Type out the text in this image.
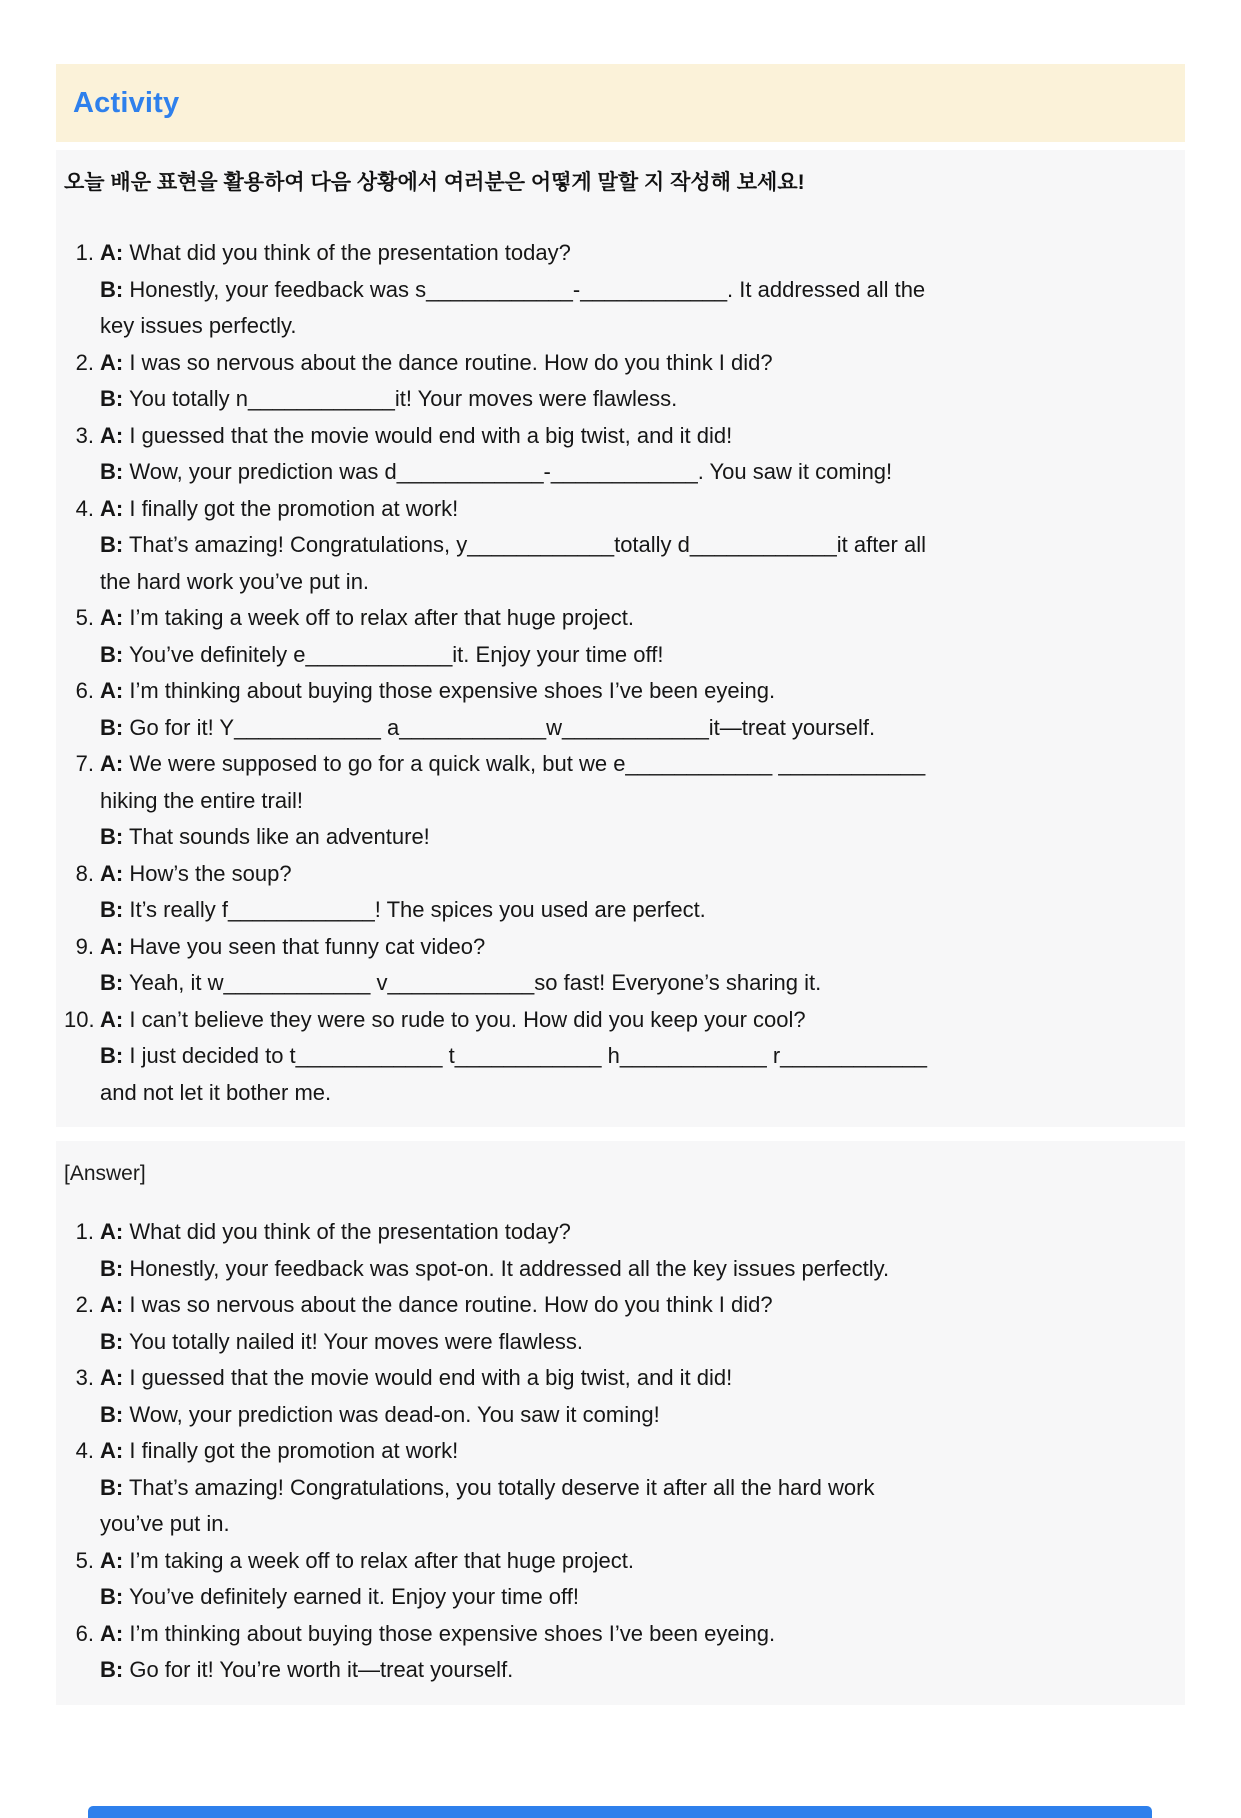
Activity

오늘 배운 표현을 활용하여 다음 상황에서 여러분은 어떻게 말할 지 작성해 보세요!

1. A: What did you think of the presentation today?
B: Honestly, your feedback was s____________-____________. It addressed all the
key issues perfectly.
2. A: I was so nervous about the dance routine. How do you think I did?
B: You totally n____________it! Your moves were flawless.
3. A: I guessed that the movie would end with a big twist, and it did!
B: Wow, your prediction was d____________-____________. You saw it coming!
4. A: I finally got the promotion at work!
B: That’s amazing! Congratulations, y____________totally d____________it after all
the hard work you’ve put in.
5. A: I’m taking a week off to relax after that huge project.
B: You’ve definitely e____________it. Enjoy your time off!
6. A: I’m thinking about buying those expensive shoes I’ve been eyeing.
B: Go for it! Y____________ a____________w____________it—treat yourself.
7. A: We were supposed to go for a quick walk, but we e____________ ____________
hiking the entire trail!
B: That sounds like an adventure!
8. A: How’s the soup?
B: It’s really f____________! The spices you used are perfect.
9. A: Have you seen that funny cat video?
B: Yeah, it w____________ v____________so fast! Everyone’s sharing it.
10. A: I can’t believe they were so rude to you. How did you keep your cool?
B: I just decided to t____________ t____________ h____________ r____________
and not let it bother me.

[Answer]

1. A: What did you think of the presentation today?
B: Honestly, your feedback was spot-on. It addressed all the key issues perfectly.
2. A: I was so nervous about the dance routine. How do you think I did?
B: You totally nailed it! Your moves were flawless.
3. A: I guessed that the movie would end with a big twist, and it did!
B: Wow, your prediction was dead-on. You saw it coming!
4. A: I finally got the promotion at work!
B: That’s amazing! Congratulations, you totally deserve it after all the hard work
you’ve put in.
5. A: I’m taking a week off to relax after that huge project.
B: You’ve definitely earned it. Enjoy your time off!
6. A: I’m thinking about buying those expensive shoes I’ve been eyeing.
B: Go for it! You’re worth it—treat yourself.
